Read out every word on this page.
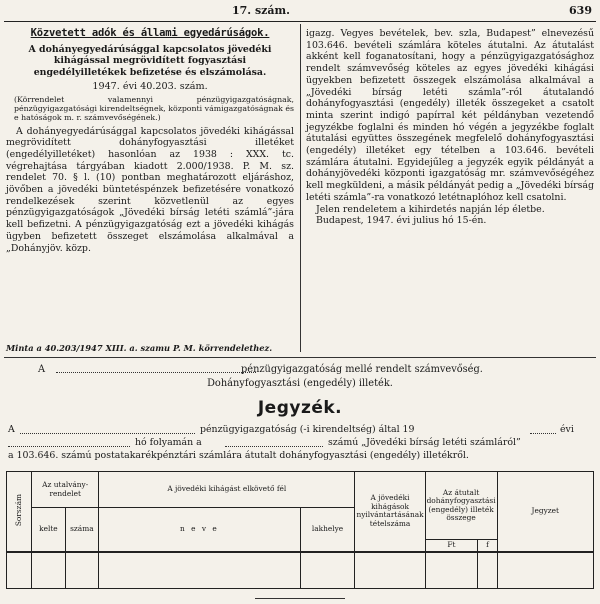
17. szám.	639
Közvetett adók és állami egyedárúságok.
A dohányegyedárúsággal kapcsolatos jövedéki kihágással megrövidített fogyasztási engedélyilletékek befizetése és elszámolása.
1947. évi 40.203. szám.
(Körrendelet valamennyi pénzügyigazgatóságnak, pénzügyigazgatósági kirendeltségnek, központi vámigazgatóságnak és e hatóságok m. r. számvevőségének.)

A dohányegyedárúsággal kapcsolatos jövedéki kihágással megrövidített dohányfogyasztási illetéket (engedélyilletéket) hasonlóan az 1938 : XXX. tc. végrehajtása tárgyában kiadott 2.000/1938. P. M. sz. rendelet 70. § l. (10) pontban meghatározott eljáráshoz, jövőben a jövedéki büntetéspénzek befizetésére vonatkozó rendelkezések szerint közvetlenül az egyes pénzügyigazgatóságok „Jövedéki bírság letéti számlá”-jára kell befizetni. A pénzügyigazgatóság ezt a jövedéki kihágás ügyben befizetett összeget elszámolása alkalmával a „Dohányjöv. közp.

igazg. Vegyes bevételek, bev. szla, Budapest” elnevezésű 103.646. bevételi számlára köteles átutalni. Az átutalást akként kell foganatosítani, hogy a pénzügyigazgatósághoz rendelt számvevőség köteles az egyes jövedéki kihágási ügyekben befizetett összegek elszámolása alkalmával a „Jövedéki bírság letéti számla”-ról átutalandó dohányfogyasztási (engedély) illeték összegeket a csatolt minta szerint indigó papírral két példányban vezetendő jegyzékbe foglalni és minden hó végén a jegyzékbe foglalt átutalási együttes összegének megfelelő dohányfogyasztási (engedély) illetéket egy tételben a 103.646. bevételi számlára átutalni. Egyidejűleg a jegyzék egyik példányát a dohányjövedéki központi igazgatóság mr. számvevőségéhez kell megküldeni, a másik példányát pedig a „Jövedéki bírság letéti számla”-ra vonatkozó letétnaplóhoz kell csatolni.

Jelen rendeletem a kihirdetés napján lép életbe.

Budapest, 1947. évi julius hó 15-én.

Minta a 40.203/1947 XIII. a. szamu P. M. körrendelethez.
A	pénzügyigazgatóság mellé rendelt számvevőség.
Dohányfogyasztási (engedély) illeték.
Jegyzék.
A	pénzügyigazgatóság (-i kirendeltség) által 19	évi
hó folyamán a	számú „Jövedéki bírság letéti számláról”
a 103.646. számú postatakarékpénztári számlára átutalt dohányfogyasztási (engedély) illetékről.
Sorszám	Az utalvány-rendelet		A jövedéki kihágást elkövető fél		A jövedéki kihágások nyilvántartásának tételszáma	Az átutalt dohányfogyasztási (engedély) illeték összege		Jegyzet
	kelte	száma	n e v e	lakhelye				
						Ft	f	
